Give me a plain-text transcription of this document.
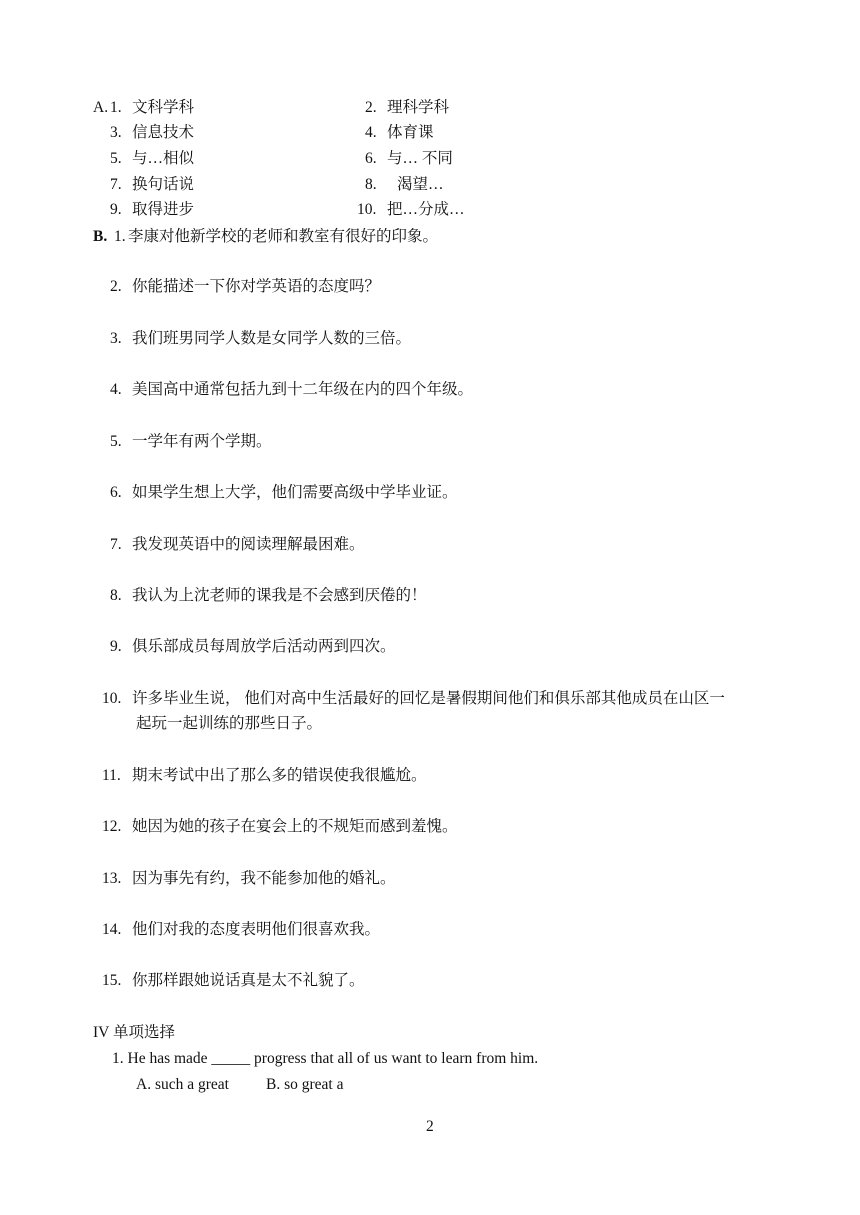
A. 1. 文科学科	2. 理科学科
3. 信息技术	4. 体育课
5. 与…相似	6. 与… 不同
7. 换句话说	8. 渴望…
9. 取得进步	10. 把…分成…
B. 1. 李康对他新学校的老师和教室有很好的印象。
2. 你能描述一下你对学英语的态度吗？
3. 我们班男同学人数是女同学人数的三倍。
4. 美国高中通常包括九到十二年级在内的四个年级。
5. 一学年有两个学期。
6. 如果学生想上大学，他们需要高级中学毕业证。
7. 我发现英语中的阅读理解最困难。
8. 我认为上沈老师的课我是不会感到厌倦的！
9. 俱乐部成员每周放学后活动两到四次。
10. 许多毕业生说， 他们对高中生活最好的回忆是暑假期间他们和俱乐部其他成员在山区一
起玩一起训练的那些日子。
11. 期末考试中出了那么多的错误使我很尴尬。
12. 她因为她的孩子在宴会上的不规矩而感到羞愧。
13. 因为事先有约，我不能参加他的婚礼。
14. 他们对我的态度表明他们很喜欢我。
15. 你那样跟她说话真是太不礼貌了。
IV 单项选择
1. He has made _____ progress that all of us want to learn from him.
A. such a great B. so great a
2
